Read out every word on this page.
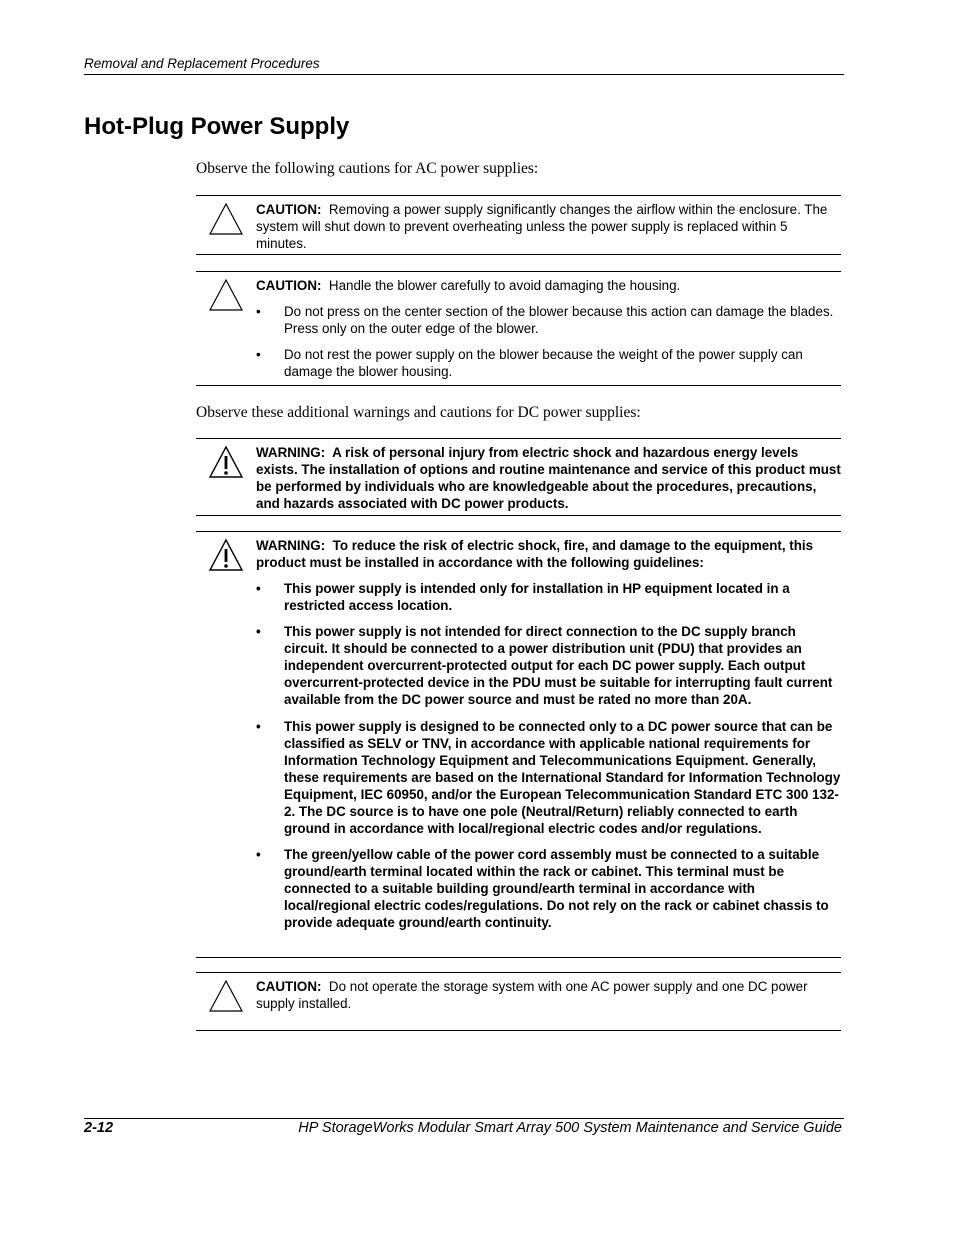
Removal and Replacement Procedures
Hot-Plug Power Supply

Observe the following cautions for AC power supplies:

CAUTION: Removing a power supply significantly changes the airflow within the enclosure. The system will shut down to prevent overheating unless the power supply is replaced within 5 minutes.

CAUTION: Handle the blower carefully to avoid damaging the housing.

• Do not press on the center section of the blower because this action can damage the blades. Press only on the outer edge of the blower.
• Do not rest the power supply on the blower because the weight of the power supply can damage the blower housing.

Observe these additional warnings and cautions for DC power supplies:

WARNING: A risk of personal injury from electric shock and hazardous energy levels exists. The installation of options and routine maintenance and service of this product must be performed by individuals who are knowledgeable about the procedures, precautions, and hazards associated with DC power products.

WARNING: To reduce the risk of electric shock, fire, and damage to the equipment, this product must be installed in accordance with the following guidelines:

• This power supply is intended only for installation in HP equipment located in a restricted access location.
• This power supply is not intended for direct connection to the DC supply branch circuit. It should be connected to a power distribution unit (PDU) that provides an independent overcurrent-protected output for each DC power supply. Each output overcurrent-protected device in the PDU must be suitable for interrupting fault current available from the DC power source and must be rated no more than 20A.
• This power supply is designed to be connected only to a DC power source that can be classified as SELV or TNV, in accordance with applicable national requirements for Information Technology Equipment and Telecommunications Equipment. Generally, these requirements are based on the International Standard for Information Technology Equipment, IEC 60950, and/or the European Telecommunication Standard ETC 300 132-2. The DC source is to have one pole (Neutral/Return) reliably connected to earth ground in accordance with local/regional electric codes and/or regulations.
• The green/yellow cable of the power cord assembly must be connected to a suitable ground/earth terminal located within the rack or cabinet. This terminal must be connected to a suitable building ground/earth terminal in accordance with local/regional electric codes/regulations. Do not rely on the rack or cabinet chassis to provide adequate ground/earth continuity.

CAUTION: Do not operate the storage system with one AC power supply and one DC power supply installed.

2-12	HP StorageWorks Modular Smart Array 500 System Maintenance and Service Guide
